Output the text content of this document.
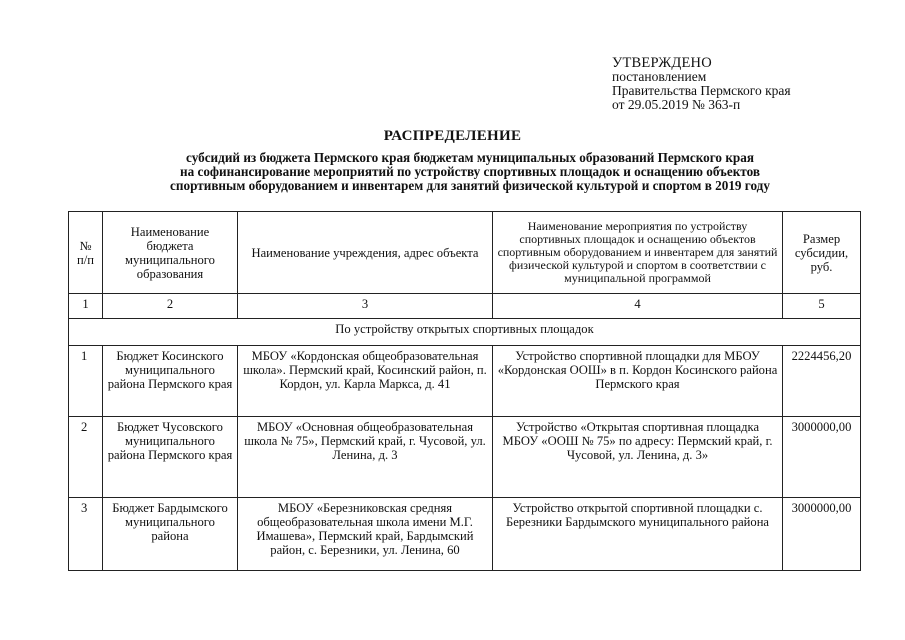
УТВЕРЖДЕНО
постановлением
Правительства Пермского края
от 29.05.2019 № 363-п
РАСПРЕДЕЛЕНИЕ
субсидий из бюджета Пермского края бюджетам муниципальных образований Пермского края
на софинансирование мероприятий по устройству спортивных площадок и оснащению объектов
спортивным оборудованием и инвентарем для занятий физической культурой и спортом в 2019 году
№ п/п	Наименование бюджета муниципального образования	Наименование учреждения, адрес объекта	Наименование мероприятия по устройству спортивных площадок и оснащению объектов спортивным оборудованием и инвентарем для занятий физической культурой и спортом в соответствии с муниципальной программой	Размер субсидии, руб.
1	2	3	4	5
По устройству открытых спортивных площадок				
1	Бюджет Косинского муниципального района Пермского края	МБОУ «Кордонская общеобразовательная школа». Пермский край, Косинский район, п. Кордон, ул. Карла Маркса, д. 41	Устройство спортивной площадки для МБОУ «Кордонская ООШ» в п. Кордон Косинского района Пермского края	2224456,20
2	Бюджет Чусовского муниципального района Пермского края	МБОУ «Основная общеобразовательная школа № 75», Пермский край, г. Чусовой, ул. Ленина, д. 3	Устройство «Открытая спортивная площадка МБОУ «ООШ № 75» по адресу: Пермский край, г. Чусовой, ул. Ленина, д. 3»	3000000,00
3	Бюджет Бардымского муниципального района	МБОУ «Березниковская средняя общеобразовательная школа имени М.Г. Имашева», Пермский край, Бардымский район, с. Березники, ул. Ленина, 60	Устройство открытой спортивной площадки с. Березники Бардымского муниципального района	3000000,00
